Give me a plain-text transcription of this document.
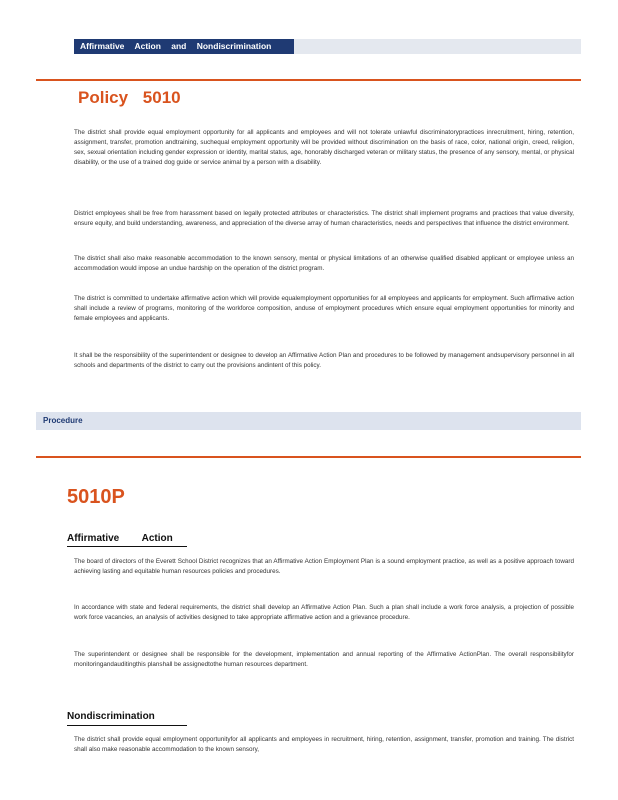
Affirmative Action and Nondiscrimination
Policy 5010
The district shall provide equal employment opportunity for all applicants and employees and will not tolerate unlawful discriminatorypractices inrecruitment, hiring, retention, assignment, transfer, promotion andtraining, suchequal employment opportunity will be provided without discrimination on the basis of race, color, national origin, creed, religion, sex, sexual orientation including gender expression or identity, marital status, age, honorably discharged veteran or military status, the presence of any sensory, mental, or physical disability, or the use of a trained dog guide or service animal by a person with a disability.
District employees shall be free from harassment based on legally protected attributes or characteristics. The district shall implement programs and practices that value diversity, ensure equity, and build understanding, awareness, and appreciation of the diverse array of human characteristics, needs and perspectives that influence the district environment.
The district shall also make reasonable accommodation to the known sensory, mental or physical limitations of an otherwise qualified disabled applicant or employee unless an accommodation would impose an undue hardship on the operation of the district program.
The district is committed to undertake affirmative action which will provide equalemployment opportunities for all employees and applicants for employment. Such affirmative action shall include a review of programs, monitoring of the workforce composition, anduse of employment procedures which ensure equal employment opportunities for minority and female employees and applicants.
It shall be the responsibility of the superintendent or designee to develop an Affirmative Action Plan and procedures to be followed by management andsupervisory personnel in all schools and departments of the district to carry out the provisions andintent of this policy.
Procedure
5010P
Affirmative Action
The board of directors of the Everett School District recognizes that an Affirmative Action Employment Plan is a sound employment practice, as well as a positive approach toward achieving lasting and equitable human resources policies and procedures.
In accordance with state and federal requirements, the district shall develop an Affirmative Action Plan. Such a plan shall include a work force analysis, a projection of possible work force vacancies, an analysis of activities designed to take appropriate affirmative action and a grievance procedure.
The superintendent or designee shall be responsible for the development, implementation and annual reporting of the Affirmative ActionPlan. The overall responsibilityfor monitoringandauditingthis planshall be assignedtothe human resources department.
Nondiscrimination
The district shall provide equal employment opportunityfor all applicants and employees in recruitment, hiring, retention, assignment, transfer, promotion and training. The district shall also make reasonable accommodation to the known sensory,
